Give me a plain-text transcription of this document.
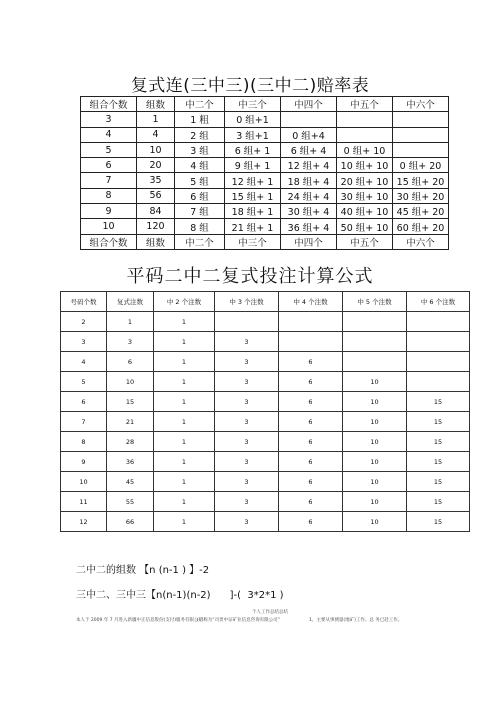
复式连(三中三)(三中二)赔率表
组合个数	组数	中二个	中三个	中四个	中五个	中六个
3	1	1 粗	0 组+1			
4	4	2 组	3 组+1	0 组+4		
5	10	3 组	6 组+ 1	6 组+ 4	0 组+ 10	
6	20	4 组	9 组+ 1	12 组+ 4	10 组+ 10	0 组+ 20
7	35	5 组	12 组+ 1	18 组+ 4	20 组+ 10	15 组+ 20
8	56	6 组	15 组+ 1	24 组+ 4	30 组+ 10	30 组+ 20
9	84	7 组	18 组+ 1	30 组+ 4	40 组+ 10	45 组+ 20
10	120	8 组	21 组+ 1	36 组+ 4	50 组+ 10	60 组+ 20
组合个数	组数	中二个	中三个	中四个	中五个	中六个
平码二中二复式投注计算公式
号码个数	复式注数	中 2 个注数	中 3 个注数	中 4 个注数	中 5 个注数	中 6 个注数
2	1	1				
3	3	1	3			
4	6	1	3	6		
5	10	1	3	6	10	
6	15	1	3	6	10	15
7	21	1	3	6	10	15
8	28	1	3	6	10	15
9	36	1	3	6	10	15
10	45	1	3	6	10	15
11	55	1	3	6	10	15
12	66	1	3	6	10	15
二中二的组数 【n (n-1 ) 】-2
三中二、三中三【n(n-1)(n-2)      ]-(  3*2*1 )
个人工作总结总结
本人于 2009 年 7 月进入新疆中正信息股份(支付)服务有限公司
(后称为“司贵中证矿业信息咨询有限公司”	1、主要从事测量(地矿)工作。总 务已赴工作。
